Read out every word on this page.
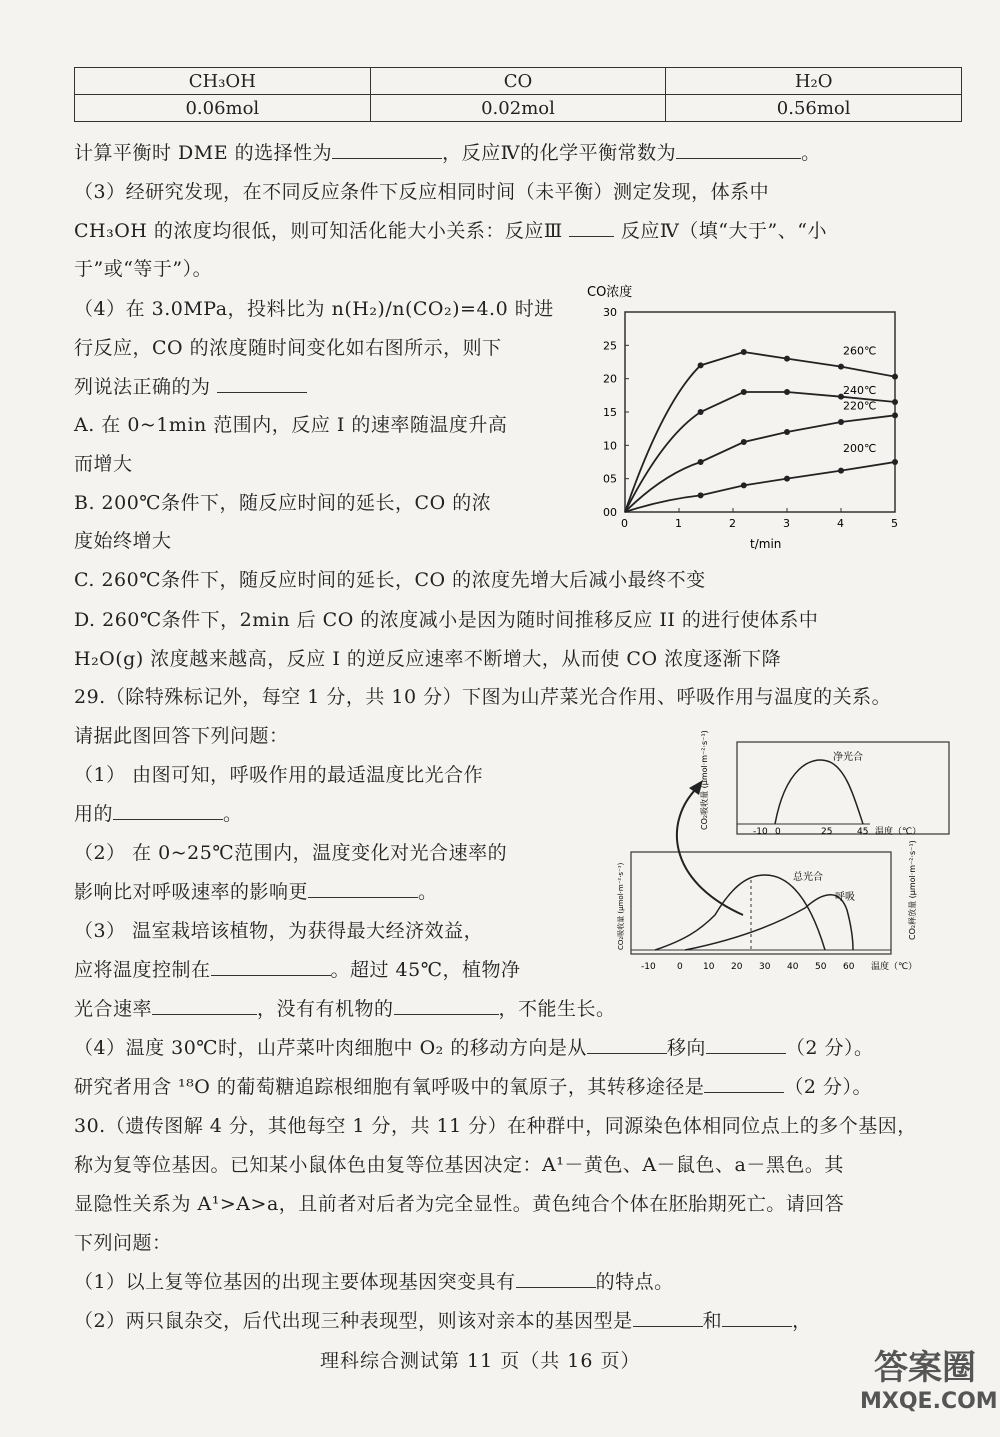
CH₃OH	CO	H₂O
0.06mol	0.02mol	0.56mol
计算平衡时 DME 的选择性为	，反应Ⅳ的化学平衡常数为	。
（3）经研究发现，在不同反应条件下反应相同时间（未平衡）测定发现，体系中
CH₃OH 的浓度均很低，则可知活化能大小关系：反应Ⅲ	反应Ⅳ（填“大于”、“小
于”或“等于”）。
（4）在 3.0MPa，投料比为 n(H₂)/n(CO₂)=4.0 时进
行反应，CO 的浓度随时间变化如右图所示，则下
列说法正确的为
A. 在 0~1min 范围内，反应 I 的速率随温度升高
而增大
B. 200℃条件下，随反应时间的延长，CO 的浓
度始终增大
C. 260℃条件下，随反应时间的延长，CO 的浓度先增大后减小最终不变
D. 260℃条件下，2min 后 CO 的浓度减小是因为随时间推移反应 II 的进行使体系中
H₂O(g) 浓度越来越高，反应 I 的逆反应速率不断增大，从而使 CO 浓度逐渐下降
CO浓度
t/min
00
05
10
15
20
25
30
0	1	2	3	4	5
260℃
240℃
220℃
200℃
29.（除特殊标记外，每空 1 分，共 10 分）下图为山芹菜光合作用、呼吸作用与温度的关系。
请据此图回答下列问题：
（1） 由图可知，呼吸作用的最适温度比光合作
用的	。
（2） 在 0~25℃范围内，温度变化对光合速率的
影响比对呼吸速率的影响更	。
（3） 温室栽培该植物，为获得最大经济效益，
应将温度控制在	。超过 45℃，植物净
光合速率	，没有有机物的	，不能生长。
（4）温度 30℃时，山芹菜叶肉细胞中 O₂ 的移动方向是从	移向	（2 分）。
研究者用含 ¹⁸O 的葡萄糖追踪根细胞有氧呼吸中的氧原子，其转移途径是	（2 分）。
CO₂吸收量 (μmol·m⁻²·s⁻¹)	净光合
-10 0	25	45 温度（℃）
总光合
呼吸
-10 0 10 20 30 40 50 60 温度（℃）
CO₂吸收量 (μmol·m⁻²·s⁻¹)	CO₂释放量 (μmol·m⁻²·s⁻¹)
30.（遗传图解 4 分，其他每空 1 分，共 11 分）在种群中，同源染色体相同位点上的多个基因，
称为复等位基因。已知某小鼠体色由复等位基因决定：A¹－黄色、A－鼠色、a－黑色。其
显隐性关系为 A¹>A>a，且前者对后者为完全显性。黄色纯合个体在胚胎期死亡。请回答
下列问题：
（1）以上复等位基因的出现主要体现基因突变具有	的特点。
（2）两只鼠杂交，后代出现三种表现型，则该对亲本的基因型是	和	，
理科综合测试第 11 页（共 16 页）	答案圈
MXQE.COM
